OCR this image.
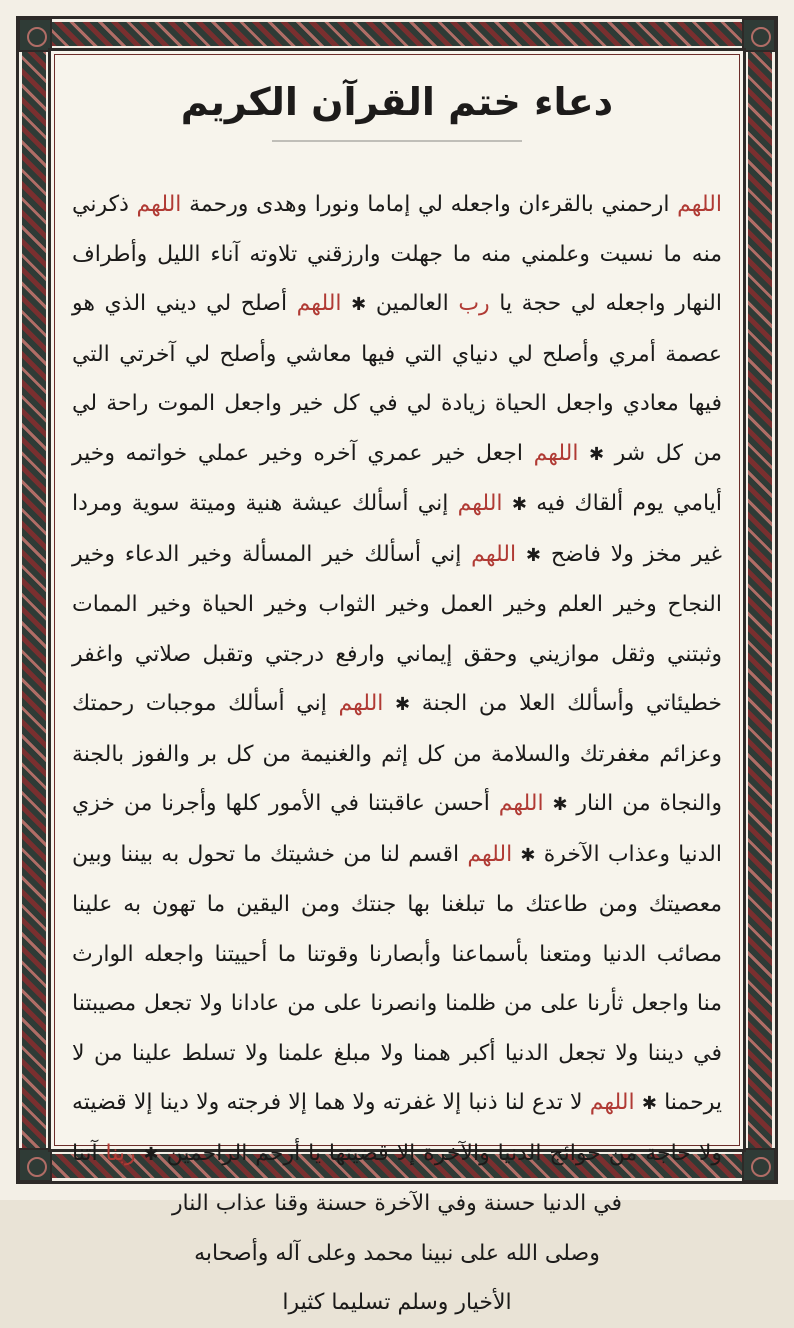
دعاء ختم القرآن الكريم
اللهم ارحمني بالقرءان واجعله لي إماما ونورا وهدى ورحمة اللهم ذكرني منه ما نسيت وعلمني منه ما جهلت وارزقني تلاوته آناء الليل وأطراف النهار واجعله لي حجة يا رب العالمين ✱ اللهم أصلح لي ديني الذي هو عصمة أمري وأصلح لي دنياي التي فيها معاشي وأصلح لي آخرتي التي فيها معادي واجعل الحياة زيادة لي في كل خير واجعل الموت راحة لي من كل شر ✱ اللهم اجعل خير عمري آخره وخير عملي خواتمه وخير أيامي يوم ألقاك فيه ✱ اللهم إني أسألك عيشة هنية وميتة سوية ومردا غير مخز ولا فاضح ✱ اللهم إني أسألك خير المسألة وخير الدعاء وخير النجاح وخير العلم وخير العمل وخير الثواب وخير الحياة وخير الممات وثبتني وثقل موازيني وحقق إيماني وارفع درجتي وتقبل صلاتي واغفر خطيئاتي وأسألك العلا من الجنة ✱ اللهم إني أسألك موجبات رحمتك وعزائم مغفرتك والسلامة من كل إثم والغنيمة من كل بر والفوز بالجنة والنجاة من النار ✱ اللهم أحسن عاقبتنا في الأمور كلها وأجرنا من خزي الدنيا وعذاب الآخرة ✱ اللهم اقسم لنا من خشيتك ما تحول به بيننا وبين معصيتك ومن طاعتك ما تبلغنا بها جنتك ومن اليقين ما تهون به علينا مصائب الدنيا ومتعنا بأسماعنا وأبصارنا وقوتنا ما أحييتنا واجعله الوارث منا واجعل ثأرنا على من ظلمنا وانصرنا على من عادانا ولا تجعل مصيبتنا في ديننا ولا تجعل الدنيا أكبر همنا ولا مبلغ علمنا ولا تسلط علينا من لا يرحمنا ✱ اللهم لا تدع لنا ذنبا إلا غفرته ولا هما إلا فرجته ولا دينا إلا قضيته ولا حاجة من حوائج الدنيا والآخرة إلا قضيتها يا أرحم الراحمين ✱ ربنا آتنا في الدنيا حسنة وفي الآخرة حسنة وقنا عذاب النار
وصلى الله على نبينا محمد وعلى آله وأصحابه
الأخيار وسلم تسليما كثيرا
